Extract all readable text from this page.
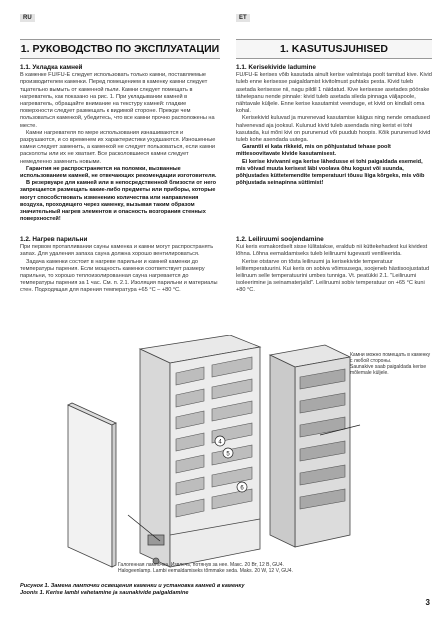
RU	ET
1. РУКОВОДСТВО ПО ЭКСПЛУАТАЦИИ	1. KASUTUSJUHISED

1.1. Укладка камней

В каменке FU/FU-E следует использовать только камни, поставляемые производителем каменки. Перед помещением в каменку камни следует тщательно вымыть от каменной пыли. Камни следует помещать в нагреватель, как показано на рис. 1. При укладывании камней в нагреватель, обращайте внимание на текстуру камней: гладкие поверхности следует размещать к видимой стороне. Прежде чем пользоваться каменкой, убедитесь, что все камни прочно расположены на месте.

Камни нагревателя по мере использования изнашиваются и разрушаются, и со временем их характеристики ухудшаются. Изношенные камни следует заменить, а каменкой не следует пользоваться, если камни расколоты или их не хватает. Все расколовшиеся камни следует немедленно заменить новыми.

Гарантия не распространяется на поломки, вызванные использованием камней, не отвечающих рекомендации изготовителя.

В резервуаре для камней или в непосредственной близости от него запрещается размещать какие-либо предметы или приборы, которые могут способствовать изменению количества или направления воздуха, проходящего через каменку, вызывая таким образом значительный нагрев элементов и опасность возгорания стенных поверхностей!

1.2. Нагрев парильни

При первом протапливании сауны каменка и камни могут распространять запах. Для удаления запаха сауна должна хорошо вентилироваться.

Задача каменки состоит в нагреве парильни и камней каменки до температуры парения. Если мощность каменки соответствует размеру парильни, то хорошо теплоизолированная сауна нагревается до температуры парения за 1 час. См. п. 2.1. Изоляция парильни и материалы стен. Подходящая для парения температура +65 °C – +80 °C.

1.1. Kerisekivide ladumine

FU/FU-E kerises võib kasutada ainult kerise valmistaja poolt tarnitud kive. Kivid tuleb enne kerisesse paigaldamist kivitolmust puhtaks pesta. Kivid tuleb asetada kerisesse nii, nagu pildil 1 näidatud. Kive kerisesse asetades pöörake tähelepanu nende pinnale: kivid tuleb asetada sileda pinnaga väljapoole, nähtavale küljele. Enne kerise kasutamist veenduge, et kivid on kindlalt oma kohal.

Kerisekivid kuluvad ja murenevad kasutamise käigus ning nende omadused halvenevad aja jooksul. Kulunud kivid tuleb asendada ning kerist ei tohi kasutada, kui mõni kivi on purunenud või puudub hoopis. Kõik purunenud kivid tuleb kohe asendada uutega.

Garantii ei kata rikkeid, mis on põhjustatud tehase poolt mittesoovitavate kivide kasutamisest.

Ei kerise kivivanni ega kerise lähedusse ei tohi paigaldada esemeid, mis võivad muuta kerisest läbi voolava õhu kogust või suunda, põhjustades küttetemendite temperatuuri tõusu liiga kõrgeks, mis võib põhjustada seinapinna süttimist!

1.2. Leiliruumi soojendamine

Kui keris esmakordselt sisse lülitatakse, eraldub nii küttekehadest kui kividest lõhna. Lõhna eemaldamiseks tuleb leiliruumi tugevasti ventileerida.

Kerise otstarve on tõsta leiliruumi ja kerisekivide temperatuur leilitemperatuurini. Kui keris on sobiva võimsusega, soojeneb hästisoojustatud leiliruum selle temperatuurini umbes tunniga. Vt. peatükki 2.1. "Leiliruumi isoleerimine ja seinamaterjalid". Leiliruumi sobiv temperatuur on +65 °C kuni +80 °C.

4
5
6
Камни можно помещать в каменку с любой стороны.
Saunakive saab paigaldada kerise mõlemale küljele.
Галогенная лампочка. Извлечь, потянув за нее. Макс. 20 Вт, 12 В, GU4.
Halogeenlamp. Lambi eemaldamiseks tõmmake seda. Maks. 20 W, 12 V, GU4.
Рисунок 1. Замена лампочки освещения каменки и установка камней в каменку
Joonis 1. Kerise lambi vahetamine ja saunakivide paigaldamine
3
